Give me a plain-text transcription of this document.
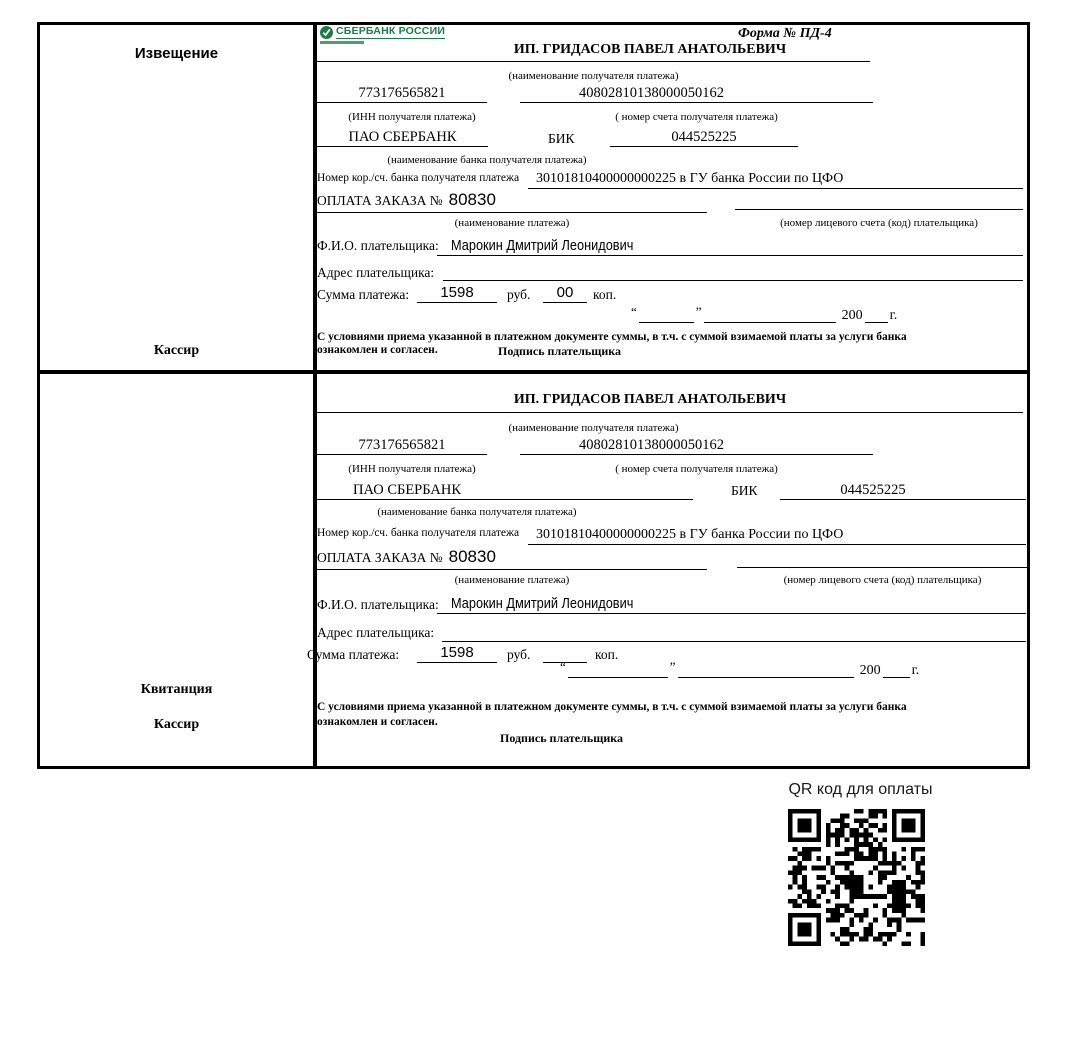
Извещение
Кассир
СБЕРБАНК РОССИИ	Форма № ПД-4
ИП. ГРИДАСОВ ПАВЕЛ АНАТОЛЬЕВИЧ
(наименование получателя платежа)
773176565821	40802810138000050162
(ИНН получателя платежа)	( номер счета получателя платежа)
ПАО СБЕРБАНК	БИК	044525225
(наименование банка получателя платежа)
Номер кор./сч. банка получателя платежа	30101810400000000225 в ГУ банка России по ЦФО
ОПЛАТА ЗАКАЗА № 80830
(наименование платежа)	(номер лицевого счета (код) плательщика)
Ф.И.О. плательщика: Марокин Дмитрий Леонидович
Адрес плательщика:
Сумма платежа:	1598	руб.	00	коп.
“	”	200 г.
С условиями приема указанной в платежном документе суммы, в т.ч. с суммой взимаемой платы за услуги банка
ознакомлен и согласен.	Подпись плательщика
Квитанция
Кассир
ИП. ГРИДАСОВ ПАВЕЛ АНАТОЛЬЕВИЧ
(наименование получателя платежа)
773176565821	40802810138000050162
(ИНН получателя платежа)	( номер счета получателя платежа)
ПАО СБЕРБАНК	БИК	044525225
(наименование банка получателя платежа)
Номер кор./сч. банка получателя платежа	30101810400000000225 в ГУ банка России по ЦФО
ОПЛАТА ЗАКАЗА № 80830
(наименование платежа)	(номер лицевого счета (код) плательщика)
Ф.И.О. плательщика: Марокин Дмитрий Леонидович
Адрес плательщика:
Сумма платежа:	1598	руб.	коп.
“	”	200 г.
С условиями приема указанной в платежном документе суммы, в т.ч. с суммой взимаемой платы за услуги банка
ознакомлен и согласен.
Подпись плательщика
QR код для оплаты
